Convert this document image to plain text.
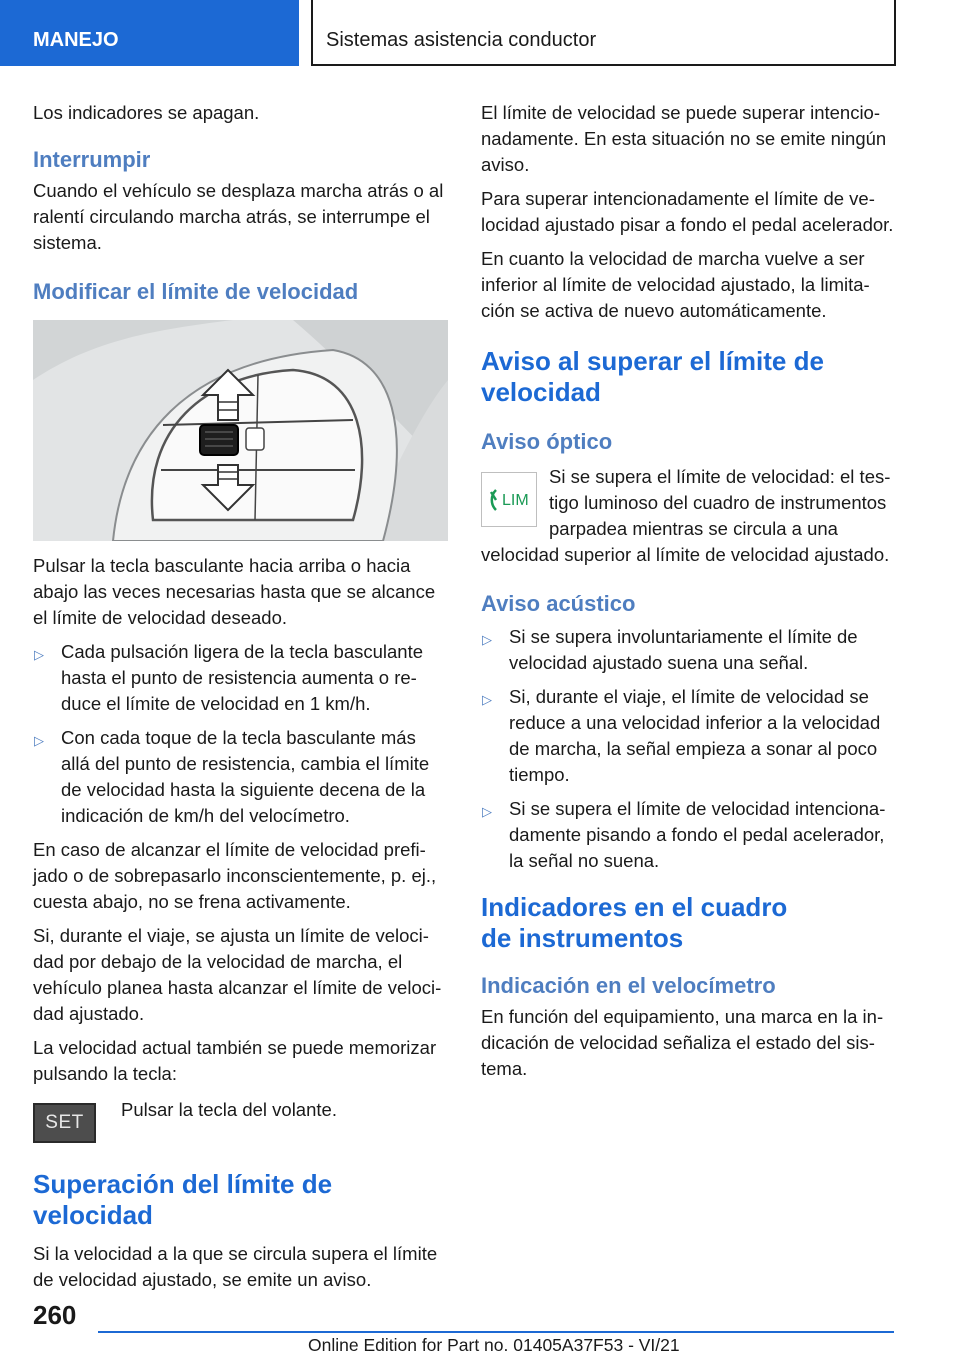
MANEJO	Sistemas asistencia conductor

Los indicadores se apagan.

Interrumpir

Cuando el vehículo se desplaza marcha atrás o al ralentí circulando marcha atrás, se interrumpe el sistema.

Modificar el límite de velocidad

Pulsar la tecla basculante hacia arriba o hacia abajo las veces necesarias hasta que se alcance el límite de velocidad deseado.

▷ Cada pulsación ligera de la tecla basculante hasta el punto de resistencia aumenta o reduce el límite de velocidad en 1 km/h.
▷ Con cada toque de la tecla basculante más allá del punto de resistencia, cambia el límite de velocidad hasta la siguiente decena de la indicación de km/h del velocímetro.

En caso de alcanzar el límite de velocidad prefijado o de sobrepasarlo inconscientemente, p. ej., cuesta abajo, no se frena activamente.

Si, durante el viaje, se ajusta un límite de velocidad por debajo de la velocidad de marcha, el vehículo planea hasta alcanzar el límite de velocidad ajustado.

La velocidad actual también se puede memorizar pulsando la tecla:

SET

Pulsar la tecla del volante.

Superación del límite de velocidad

Si la velocidad a la que se circula supera el límite de velocidad ajustado, se emite un aviso.

El límite de velocidad se puede superar intencionadamente. En esta situación no se emite ningún aviso.

Para superar intencionadamente el límite de velocidad ajustado pisar a fondo el pedal acelerador.

En cuanto la velocidad de marcha vuelve a ser inferior al límite de velocidad ajustado, la limitación se activa de nuevo automáticamente.

Aviso al superar el límite de velocidad
Aviso óptico
LIM

Si se supera el límite de velocidad: el testigo luminoso del cuadro de instrumentos parpadea mientras se circula a una velocidad superior al límite de velocidad ajustado.

Aviso acústico
▷ Si se supera involuntariamente el límite de velocidad ajustado suena una señal.
▷ Si, durante el viaje, el límite de velocidad se reduce a una velocidad inferior a la velocidad de marcha, la señal empieza a sonar al poco tiempo.
▷ Si se supera el límite de velocidad intencionadamente pisando a fondo el pedal acelerador, la señal no suena.
Indicadores en el cuadro de instrumentos
Indicación en el velocímetro

En función del equipamiento, una marca en la indicación de velocidad señaliza el estado del sistema.

260
Online Edition for Part no. 01405A37F53 - VI/21
